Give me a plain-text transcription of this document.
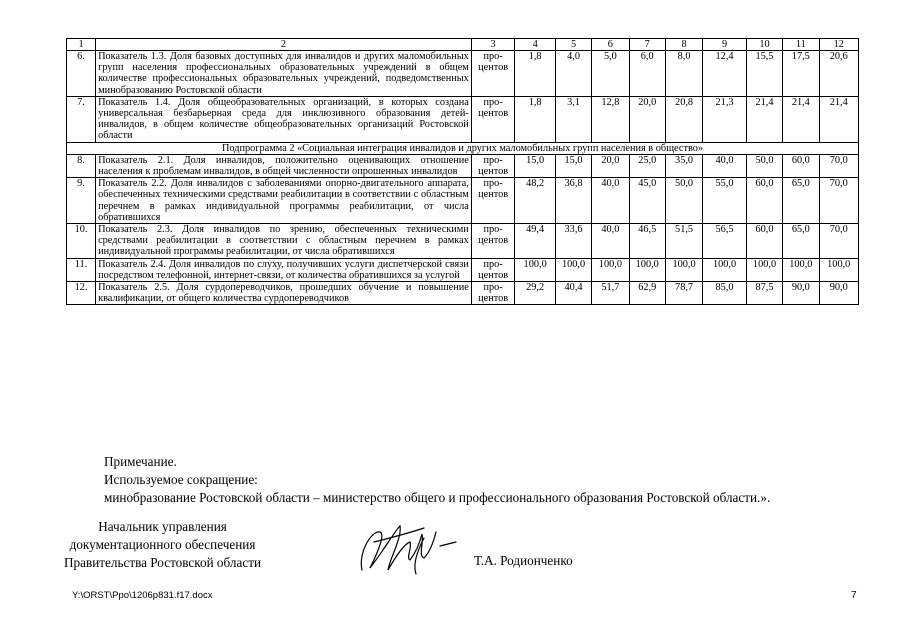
1	2	3	4	5	6	7	8	9	10	11	12
6.	Показатель 1.3. Доля базовых доступных для инвалидов и других маломобильных групп населения профессиональных образовательных учреждений в общем количестве профессиональных образовательных учреждений, подведомственных минобразованию Ростовской области	про-центов	1,8	4,0	5,0	6,0	8,0	12,4	15,5	17,5	20,6
7.	Показатель 1.4. Доля общеобразовательных организаций, в которых создана универсальная безбарьерная среда для инклюзивного образования детей-инвалидов, в общем количестве общеобразовательных организаций Ростовской области	про-центов	1,8	3,1	12,8	20,0	20,8	21,3	21,4	21,4	21,4
Подпрограмма 2 «Социальная интеграция инвалидов и других маломобильных групп населения в общество»											
8.	Показатель 2.1. Доля инвалидов, положительно оценивающих отношение населения к проблемам инвалидов, в общей численности опрошенных инвалидов	про-центов	15,0	15,0	20,0	25,0	35,0	40,0	50,0	60,0	70,0
9.	Показатель 2.2. Доля инвалидов с заболеваниями опорно-двигательного аппарата, обеспеченных техническими средствами реабилитации в соответствии с областным перечнем в рамках индивидуальной программы реабилитации, от числа обратившихся	про-центов	48,2	36,8	40,0	45,0	50,0	55,0	60,0	65,0	70,0
10.	Показатель 2.3. Доля инвалидов по зрению, обеспеченных техническими средствами реабилитации в соответствии с областным перечнем в рамках индивидуальной программы реабилитации, от числа обратившихся	про-центов	49,4	33,6	40,0	46,5	51,5	56,5	60,0	65,0	70,0
11.	Показатель 2.4. Доля инвалидов по слуху, получивших услуги диспетчерской связи посредством телефонной, интернет-связи, от количества обратившихся за услугой	про-центов	100,0	100,0	100,0	100,0	100,0	100,0	100,0	100,0	100,0
12.	Показатель 2.5. Доля сурдопереводчиков, прошедших обучение и повышение квалификации, от общего количества сурдопереводчиков	про-центов	29,2	40,4	51,7	62,9	78,7	85,0	87,5	90,0	90,0
Примечание.
Используемое сокращение:
минобразование Ростовской области – министерство общего и профессионального образования Ростовской области.».
Начальник управления
документационного обеспечения
Правительства Ростовской области	Т.А. Родионченко
Y:\ORST\Ppo\1206p831.f17.docx	7
